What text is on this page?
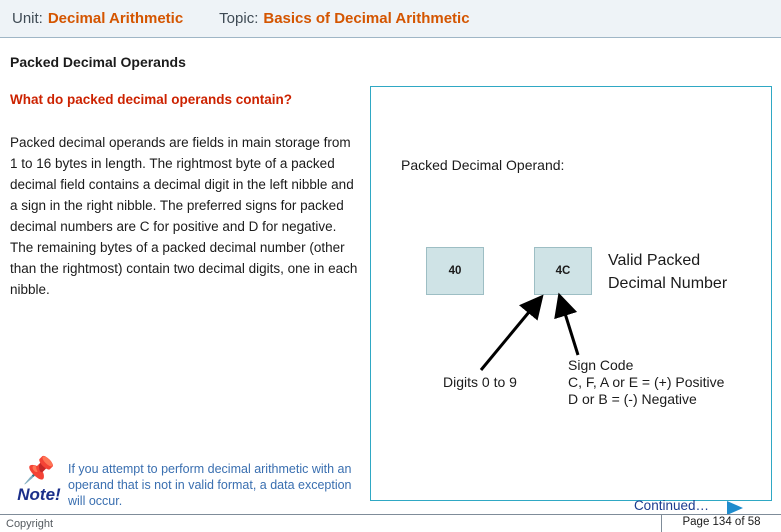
Unit: Decimal Arithmetic Topic: Basics of Decimal Arithmetic
Packed Decimal Operands
What do packed decimal operands contain?
Packed decimal operands are fields in main storage from 1 to 16 bytes in length. The rightmost byte of a packed decimal field contains a decimal digit in the left nibble and a sign in the right nibble. The preferred signs for packed decimal numbers are C for positive and D for negative. The remaining bytes of a packed decimal number (other than the rightmost) contain two decimal digits, one in each nibble.
Packed Decimal Operand:
40	4C
Valid Packed
Decimal Number
Digits 0 to 9
Sign Code
C, F, A or E = (+) Positive
D or B = (-) Negative
📌
Note!
If you attempt to perform decimal arithmetic with an operand that is not in valid format, a data exception will occur.	Continued…
Copyright	Page 134 of 58
